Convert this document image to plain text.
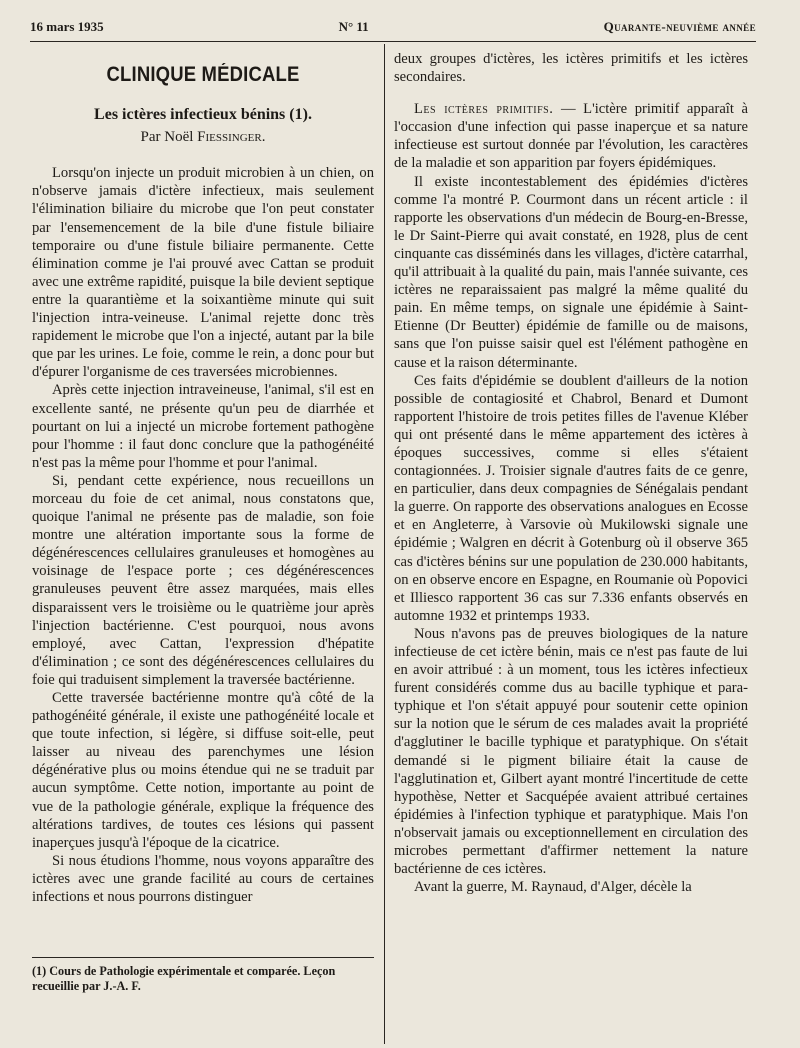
16 mars 1935	N° 11	Quarante-neuvième année
CLINIQUE MÉDICALE
Les ictères infectieux bénins (1).
Par Noël Fiessinger.

Lorsqu'on injecte un produit microbien à un chien, on n'observe jamais d'ictère infectieux, mais seulement l'élimination biliaire du microbe que l'on peut constater par l'ensemencement de la bile d'une fistule biliaire temporaire ou d'une fistule biliaire permanente. Cette élimination comme je l'ai prouvé avec Cattan se produit avec une extrême rapidité, puisque la bile devient septique entre la quarantième et la soixantième minute qui suit l'injection intra-veineuse. L'animal rejette donc très rapidement le microbe que l'on a injecté, autant par la bile que par les urines. Le foie, comme le rein, a donc pour but d'épurer l'organisme de ces traversées microbiennes.

Après cette injection intraveineuse, l'animal, s'il est en excellente santé, ne présente qu'un peu de diarrhée et pourtant on lui a injecté un microbe fortement pathogène pour l'homme : il faut donc conclure que la pathogénéité n'est pas la même pour l'homme et pour l'animal.

Si, pendant cette expérience, nous recueillons un morceau du foie de cet animal, nous constatons que, quoique l'animal ne présente pas de maladie, son foie montre une altération importante sous la forme de dégénérescences cellulaires granuleuses et homogènes au voisinage de l'espace porte ; ces dégénérescences granuleuses peuvent être assez marquées, mais elles disparaissent vers le troisième ou le quatrième jour après l'injection bactérienne. C'est pourquoi, nous avons employé, avec Cattan, l'expression d'hépatite d'élimination ; ce sont des dégénérescences cellulaires du foie qui traduisent simplement la traversée bactérienne.

Cette traversée bactérienne montre qu'à côté de la pathogénéité générale, il existe une pathogénéité locale et que toute infection, si légère, si diffuse soit-elle, peut laisser au niveau des parenchymes une lésion dégénérative plus ou moins étendue qui ne se traduit par aucun symptôme. Cette notion, importante au point de vue de la pathologie générale, explique la fréquence des altérations tardives, de toutes ces lésions qui passent inaperçues jusqu'à l'époque de la cicatrice.

Si nous étudions l'homme, nous voyons apparaître des ictères avec une grande facilité au cours de certaines infections et nous pourrons distinguer

(1) Cours de Pathologie expérimentale et comparée. Leçon recueillie par J.-A. F.

deux groupes d'ictères, les ictères primitifs et les ictères secondaires.

Les ictères primitifs. — L'ictère primitif apparaît à l'occasion d'une infection qui passe inaperçue et sa nature infectieuse est surtout donnée par l'évolution, les caractères de la maladie et son apparition par foyers épidémiques.

Il existe incontestablement des épidémies d'ictères comme l'a montré P. Courmont dans un récent article : il rapporte les observations d'un médecin de Bourg-en-Bresse, le Dr Saint-Pierre qui avait constaté, en 1928, plus de cent cinquante cas disséminés dans les villages, d'ictère catarrhal, qu'il attribuait à la qualité du pain, mais l'année suivante, ces ictères ne reparaissaient pas malgré la même qualité du pain. En même temps, on signale une épidémie à Saint-Etienne (Dr Beutter) épidémie de famille ou de maisons, sans que l'on puisse saisir quel est l'élément pathogène en cause et la raison déterminante.

Ces faits d'épidémie se doublent d'ailleurs de la notion possible de contagiosité et Chabrol, Benard et Dumont rapportent l'histoire de trois petites filles de l'avenue Kléber qui ont présenté dans le même appartement des ictères à époques successives, comme si elles s'étaient contagionnées. J. Troisier signale d'autres faits de ce genre, en particulier, dans deux compagnies de Sénégalais pendant la guerre. On rapporte des observations analogues en Ecosse et en Angleterre, à Varsovie où Mukilowski signale une épidémie ; Walgren en décrit à Gotenburg où il observe 365 cas d'ictères bénins sur une population de 230.000 habitants, on en observe encore en Espagne, en Roumanie où Popovici et Illiesco rapportent 36 cas sur 7.336 enfants observés en automne 1932 et printemps 1933.

Nous n'avons pas de preuves biologiques de la nature infectieuse de cet ictère bénin, mais ce n'est pas faute de lui en avoir attribué : à un moment, tous les ictères infectieux furent considérés comme dus au bacille typhique et para-typhique et l'on s'était appuyé pour soutenir cette opinion sur la notion que le sérum de ces malades avait la propriété d'agglutiner le bacille typhique et paratyphique. On s'était demandé si le pigment biliaire était la cause de l'agglutination et, Gilbert ayant montré l'incertitude de cette hypothèse, Netter et Sacquépée avaient attribué certaines épidémies à l'infection typhique et paratyphique. Mais l'on n'observait jamais ou exceptionnellement en circulation des microbes permettant d'affirmer nettement la nature bactérienne de ces ictères.

Avant la guerre, M. Raynaud, d'Alger, décèle la
